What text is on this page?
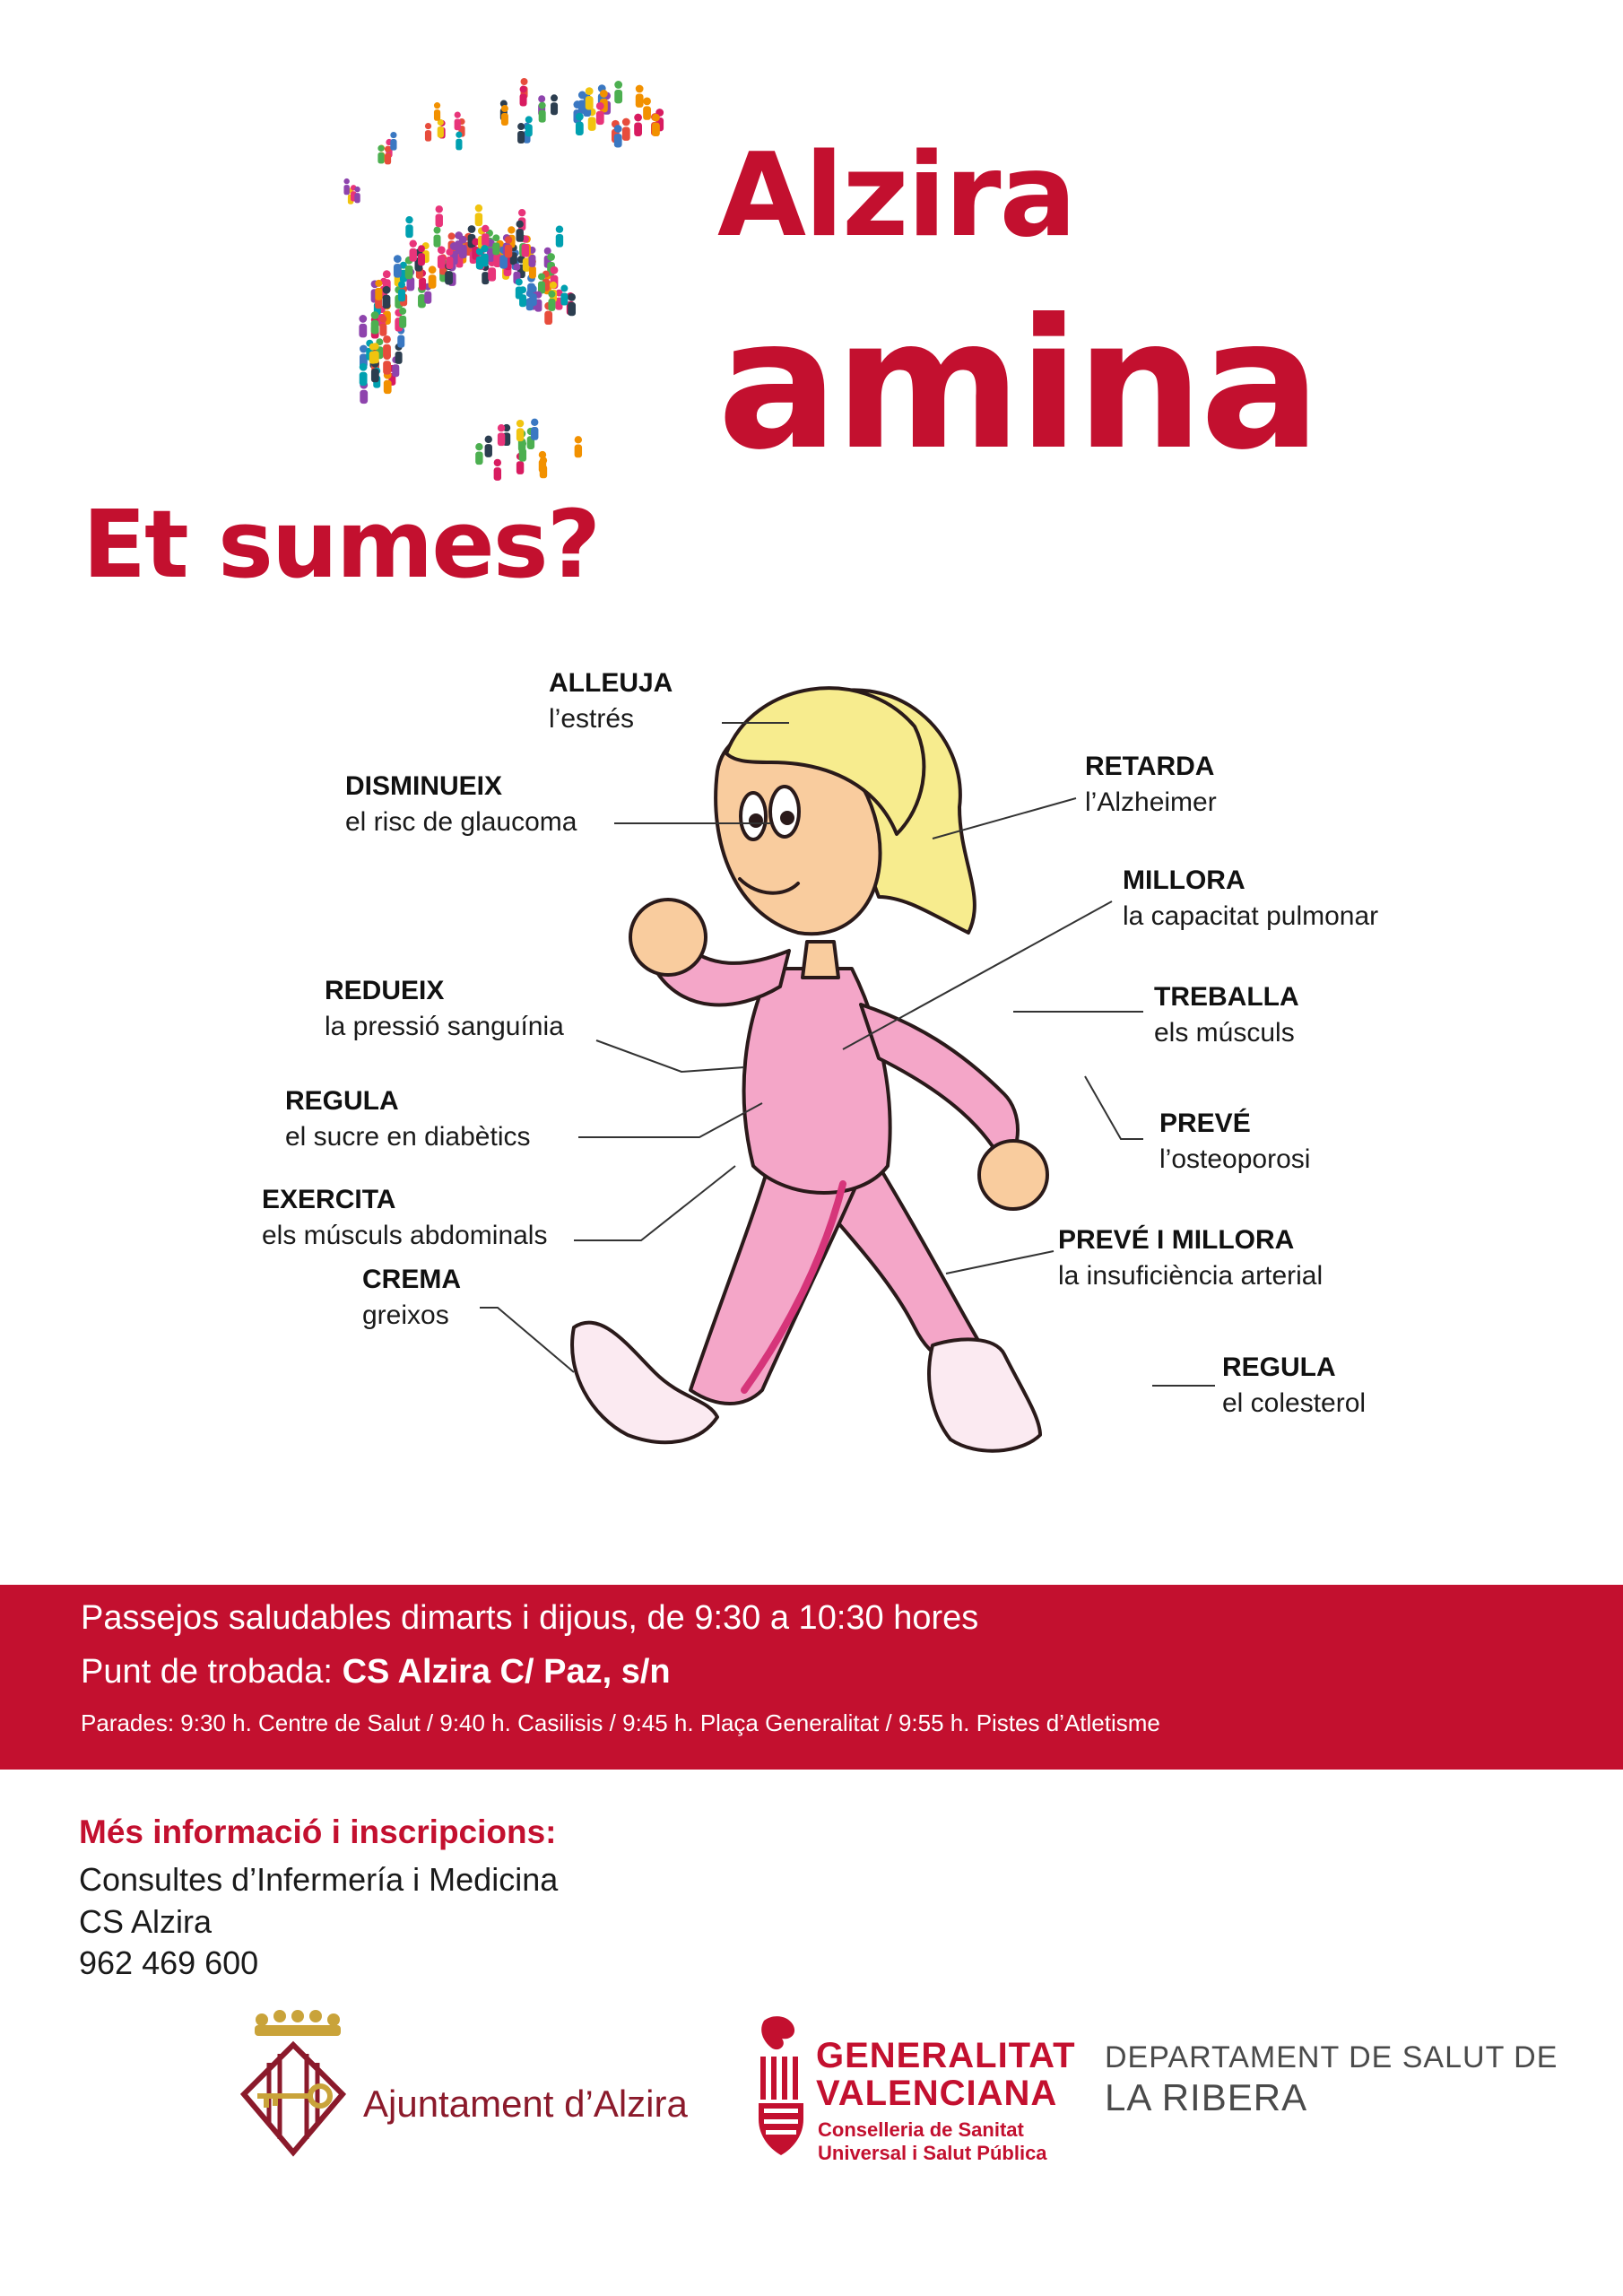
Alzira
amina
Et sumes?
ALLEUJA
l’estrés
DISMINUEIX
el risc de glaucoma
REDUEIX
la pressió sanguínia
REGULA
el sucre en diabètics
EXERCITA
els músculs abdominals
CREMA
greixos
RETARDA
l’Alzheimer
MILLORA
la capacitat pulmonar
TREBALLA
els músculs
PREVÉ
l’osteoporosi
PREVÉ I MILLORA
la insuficiència arterial
REGULA
el colesterol
Passejos saludables dimarts i dijous, de 9:30 a 10:30 hores
Punt de trobada: CS Alzira C/ Paz, s/n
Parades: 9:30 h. Centre de Salut / 9:40 h. Casilisis / 9:45 h. Plaça Generalitat / 9:55 h. Pistes d’Atletisme
Més informació i inscripcions:
Consultes d’Infermería i Medicina
CS Alzira
962 469 600
Ajuntament d’Alzira
GENERALITAT
VALENCIANA
Conselleria de Sanitat
Universal i Salut Pública
DEPARTAMENT DE SALUT DE
LA RIBERA
